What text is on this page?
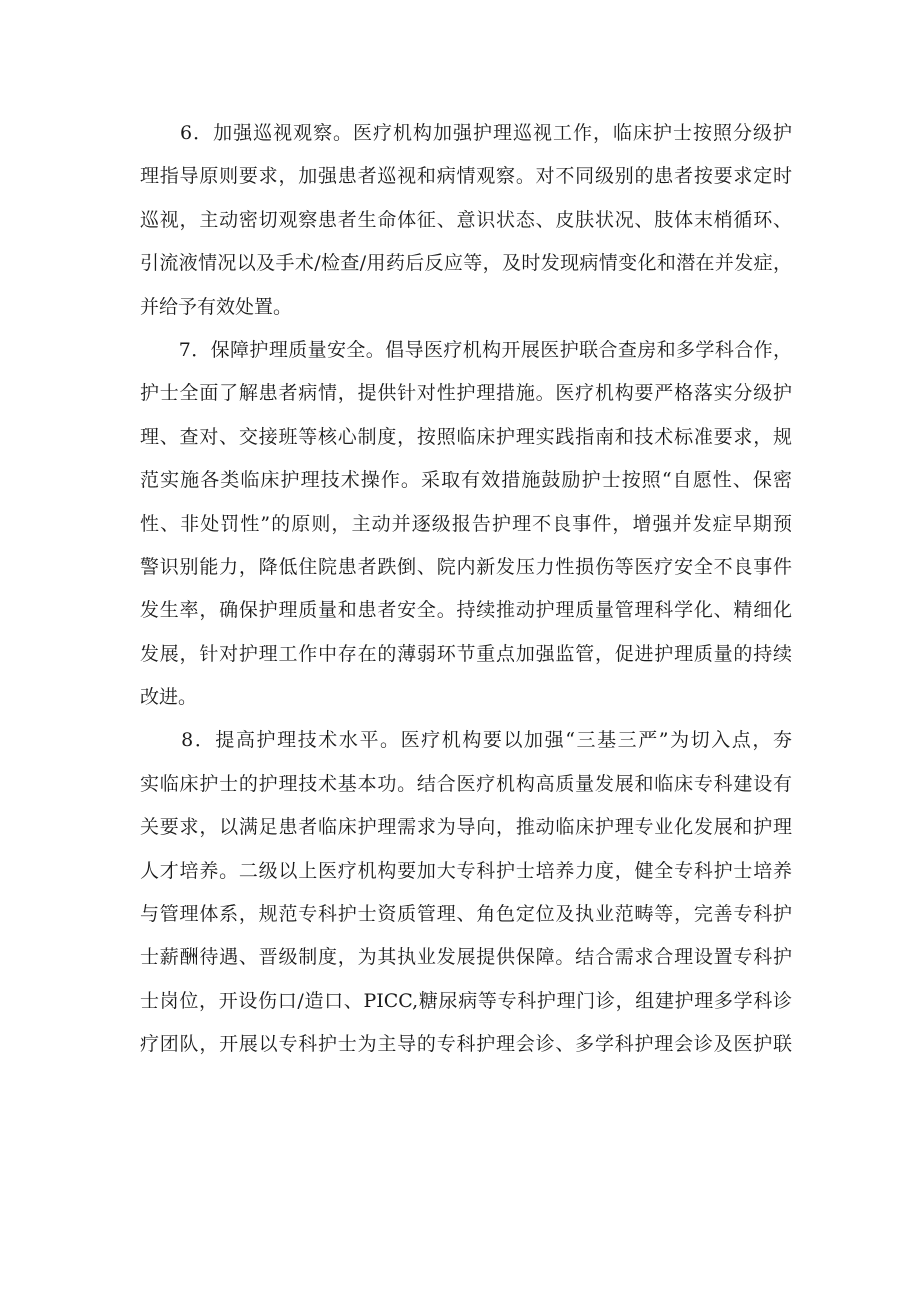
　　6．加强巡视观察。医疗机构加强护理巡视工作，临床护士按照分级护
理指导原则要求，加强患者巡视和病情观察。对不同级别的患者按要求定时
巡视，主动密切观察患者生命体征、意识状态、皮肤状况、肢体末梢循环、
引流液情况以及手术/检查/用药后反应等，及时发现病情变化和潜在并发症，
并给予有效处置。
　　7．保障护理质量安全。倡导医疗机构开展医护联合查房和多学科合作，
护士全面了解患者病情，提供针对性护理措施。医疗机构要严格落实分级护
理、查对、交接班等核心制度，按照临床护理实践指南和技术标准要求，规
范实施各类临床护理技术操作。采取有效措施鼓励护士按照“自愿性、保密
性、非处罚性”的原则，主动并逐级报告护理不良事件，增强并发症早期预
警识别能力，降低住院患者跌倒、院内新发压力性损伤等医疗安全不良事件
发生率，确保护理质量和患者安全。持续推动护理质量管理科学化、精细化
发展，针对护理工作中存在的薄弱环节重点加强监管，促进护理质量的持续
改进。
　　8．提高护理技术水平。医疗机构要以加强“三基三严”为切入点，夯
实临床护士的护理技术基本功。结合医疗机构高质量发展和临床专科建设有
关要求，以满足患者临床护理需求为导向，推动临床护理专业化发展和护理
人才培养。二级以上医疗机构要加大专科护士培养力度，健全专科护士培养
与管理体系，规范专科护士资质管理、角色定位及执业范畴等，完善专科护
士薪酬待遇、晋级制度，为其执业发展提供保障。结合需求合理设置专科护
士岗位，开设伤口/造口、PICC,糖尿病等专科护理门诊，组建护理多学科诊
疗团队，开展以专科护士为主导的专科护理会诊、多学科护理会诊及医护联
